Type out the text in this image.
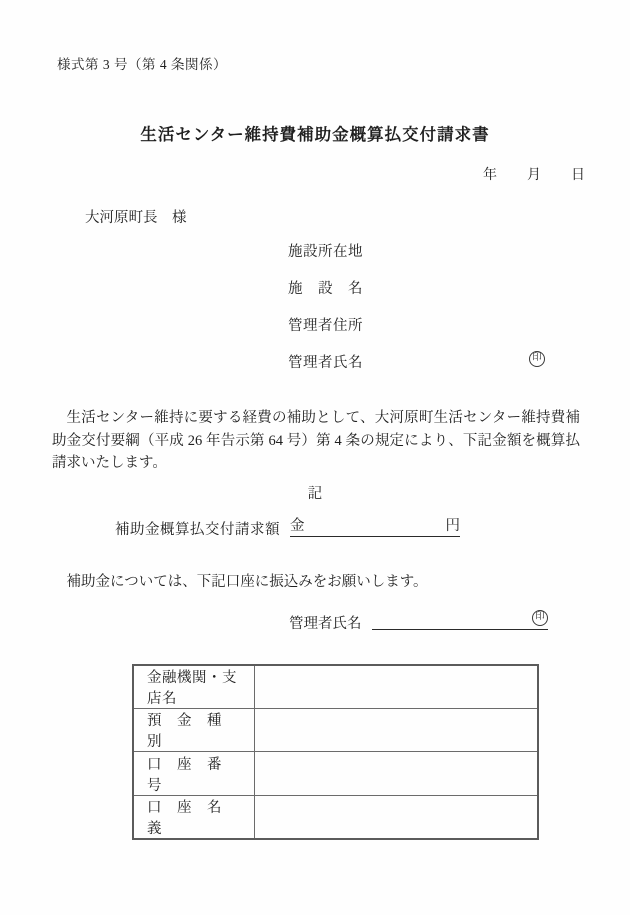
様式第 3 号（第 4 条関係）
生活センター維持費補助金概算払交付請求書
年 月 日
大河原町長　様
施設所在地
施　設　名
管理者住所
管理者氏名	印
生活センター維持に要する経費の補助として、大河原町生活センター維持費補助金交付要綱（平成 26 年告示第 64 号）第 4 条の規定により、下記金額を概算払請求いたします。
記
補助金概算払交付請求額 金	円
補助金については、下記口座に振込みをお願いします。
管理者氏名	印
金融機関・支店名	
預　金　種　別	
口　座　番　号	
口　座　名　義	
